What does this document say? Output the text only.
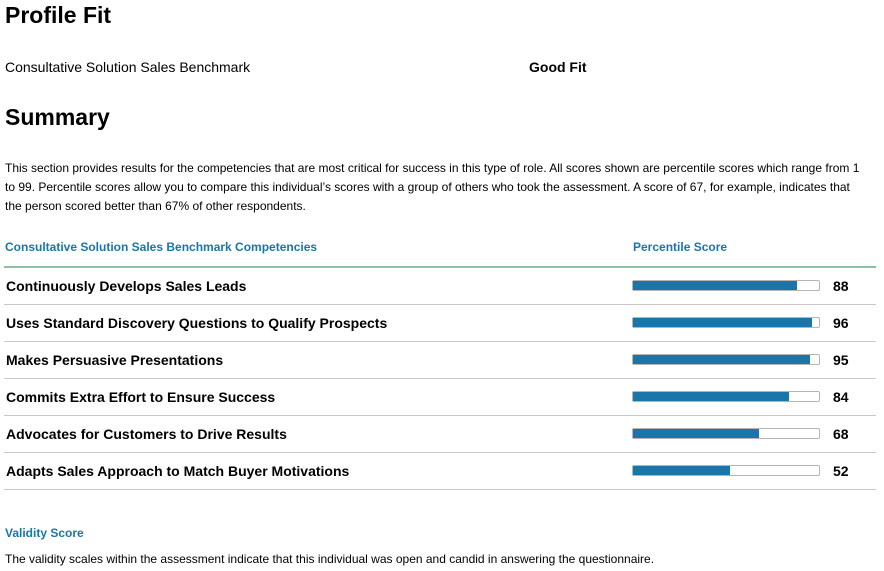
Profile Fit
Consultative Solution Sales Benchmark	Good Fit
Summary

This section provides results for the competencies that are most critical for success in this type of role. All scores shown are percentile scores which range from 1 to 99. Percentile scores allow you to compare this individual’s scores with a group of others who took the assessment. A score of 67, for example, indicates that the person scored better than 67% of other respondents.

Consultative Solution Sales Benchmark Competencies	Percentile Score
Continuously Develops Sales Leads	88
Uses Standard Discovery Questions to Qualify Prospects	96
Makes Persuasive Presentations	95
Commits Extra Effort to Ensure Success	84
Advocates for Customers to Drive Results	68
Adapts Sales Approach to Match Buyer Motivations	52
Validity Score
The validity scales within the assessment indicate that this individual was open and candid in answering the questionnaire.
